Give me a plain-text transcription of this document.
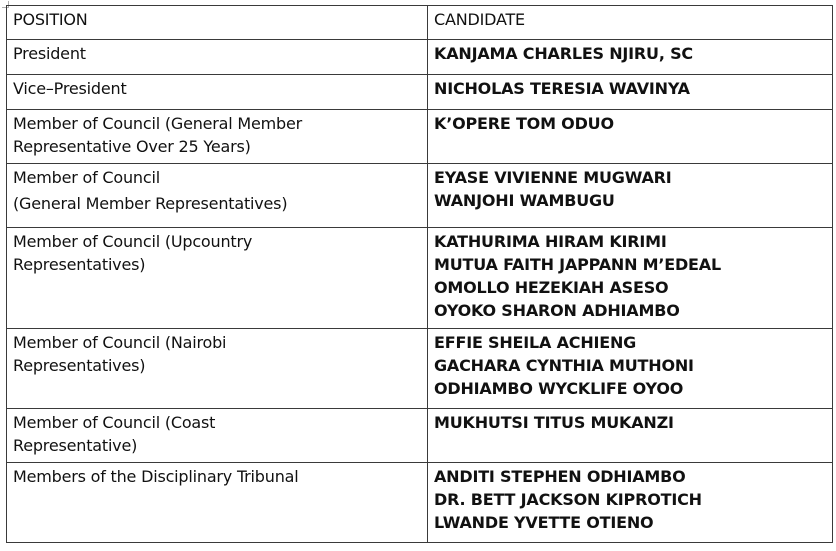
POSITION	CANDIDATE

President	KANJAMA CHARLES NJIRU, SC

Vice–President	NICHOLAS TERESIA WAVINYA

Member of Council (General Member
Representative Over 25 Years)	K’OPERE TOM ODUO

Member of Council
(General Member Representatives)	EYASE VIVIENNE MUGWARI
WANJOHI WAMBUGU

Member of Council (Upcountry
Representatives)	KATHURIMA HIRAM KIRIMI
MUTUA FAITH JAPPANN M’EDEAL
OMOLLO HEZEKIAH ASESO
OYOKO SHARON ADHIAMBO

Member of Council (Nairobi
Representatives)	EFFIE SHEILA ACHIENG
GACHARA CYNTHIA MUTHONI
ODHIAMBO WYCKLIFE OYOO

Member of Council (Coast
Representative)	MUKHUTSI TITUS MUKANZI

Members of the Disciplinary Tribunal	ANDITI STEPHEN ODHIAMBO
DR. BETT JACKSON KIPROTICH
LWANDE YVETTE OTIENO
